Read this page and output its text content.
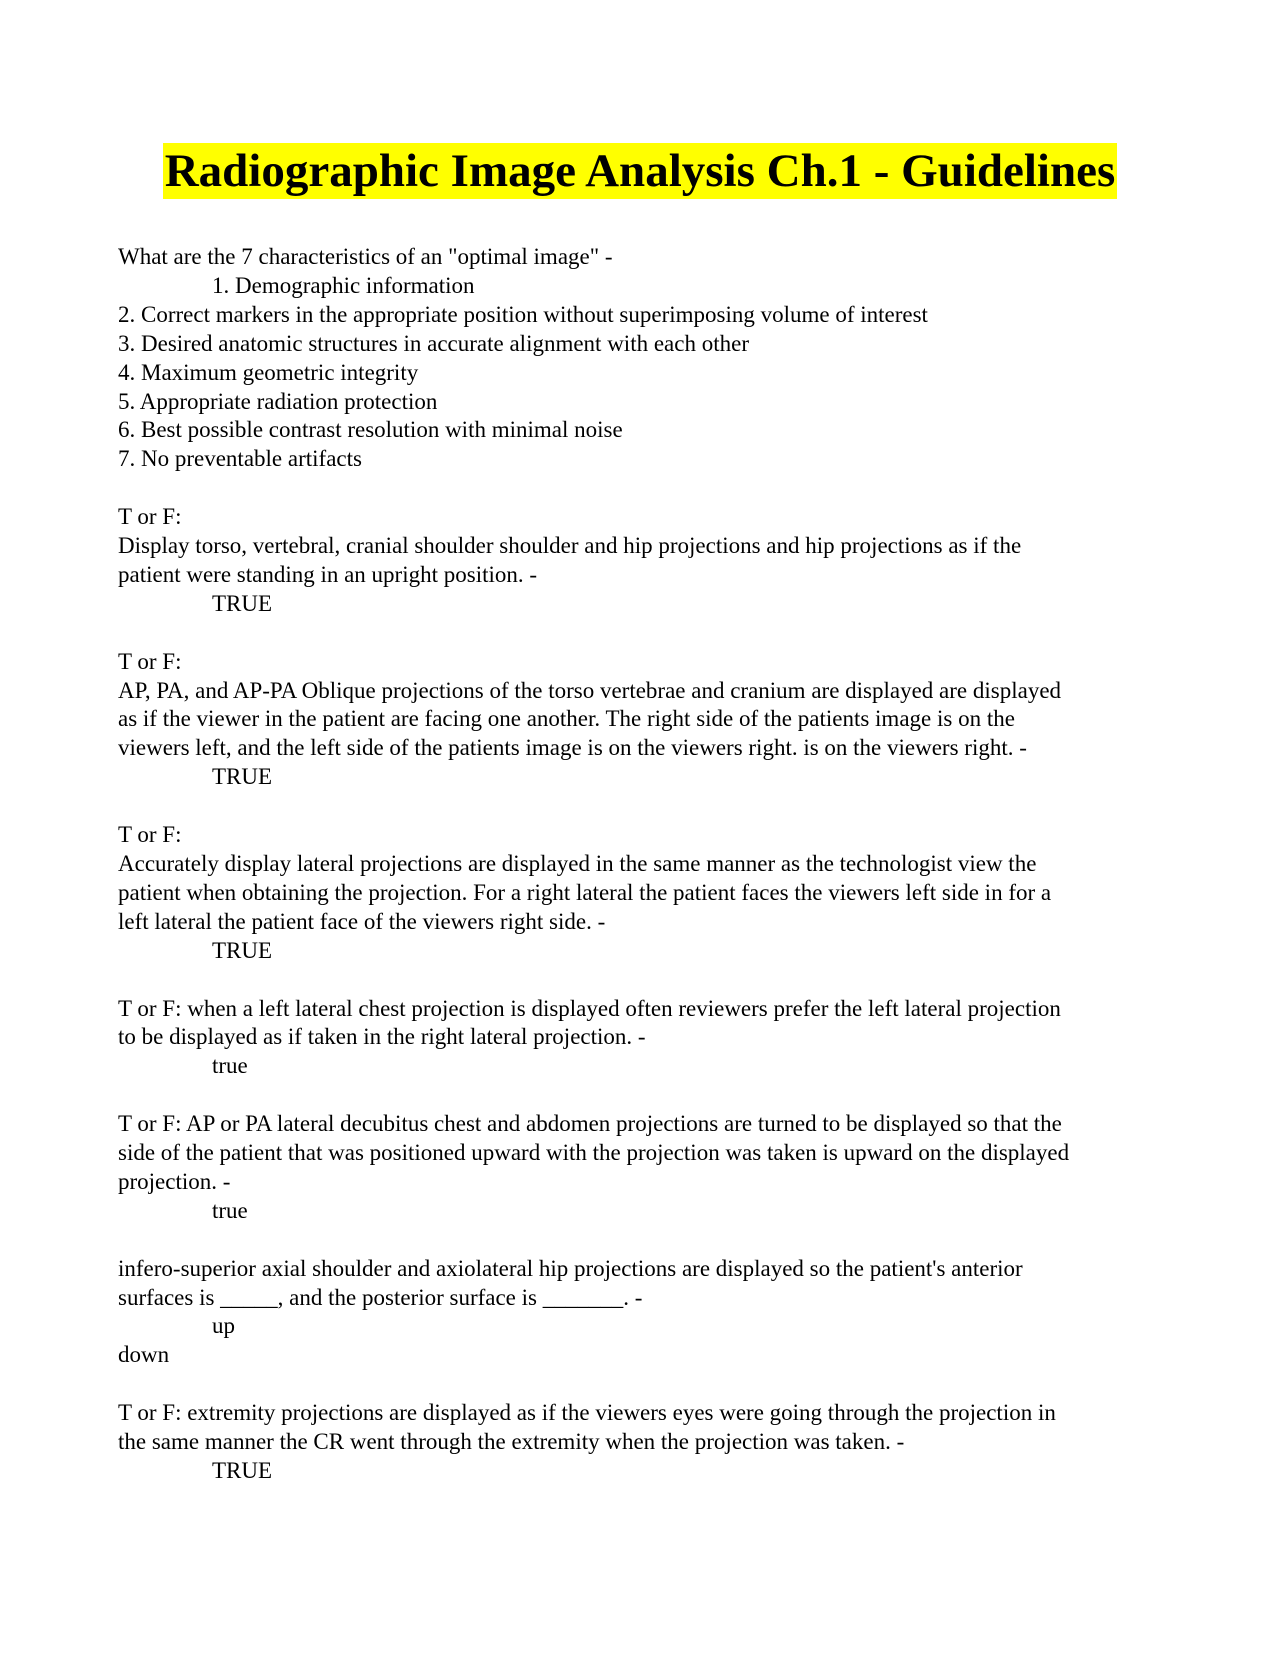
Radiographic Image Analysis Ch.1 - Guidelines
What are the 7 characteristics of an "optimal image" -
1. Demographic information
2. Correct markers in the appropriate position without superimposing volume of interest
3. Desired anatomic structures in accurate alignment with each other
4. Maximum geometric integrity
5. Appropriate radiation protection
6. Best possible contrast resolution with minimal noise
7. No preventable artifacts
T or F:
Display torso, vertebral, cranial shoulder shoulder and hip projections and hip projections as if the
patient were standing in an upright position. -
TRUE
T or F:
AP, PA, and AP-PA Oblique projections of the torso vertebrae and cranium are displayed are displayed
as if the viewer in the patient are facing one another. The right side of the patients image is on the
viewers left, and the left side of the patients image is on the viewers right. is on the viewers right. -
TRUE
T or F:
Accurately display lateral projections are displayed in the same manner as the technologist view the
patient when obtaining the projection. For a right lateral the patient faces the viewers left side in for a
left lateral the patient face of the viewers right side. -
TRUE
T or F: when a left lateral chest projection is displayed often reviewers prefer the left lateral projection
to be displayed as if taken in the right lateral projection. -
true
T or F: AP or PA lateral decubitus chest and abdomen projections are turned to be displayed so that the
side of the patient that was positioned upward with the projection was taken is upward on the displayed
projection. -
true
infero-superior axial shoulder and axiolateral hip projections are displayed so the patient's anterior
surfaces is _____, and the posterior surface is _______. -
up
down
T or F: extremity projections are displayed as if the viewers eyes were going through the projection in
the same manner the CR went through the extremity when the projection was taken. -
TRUE
